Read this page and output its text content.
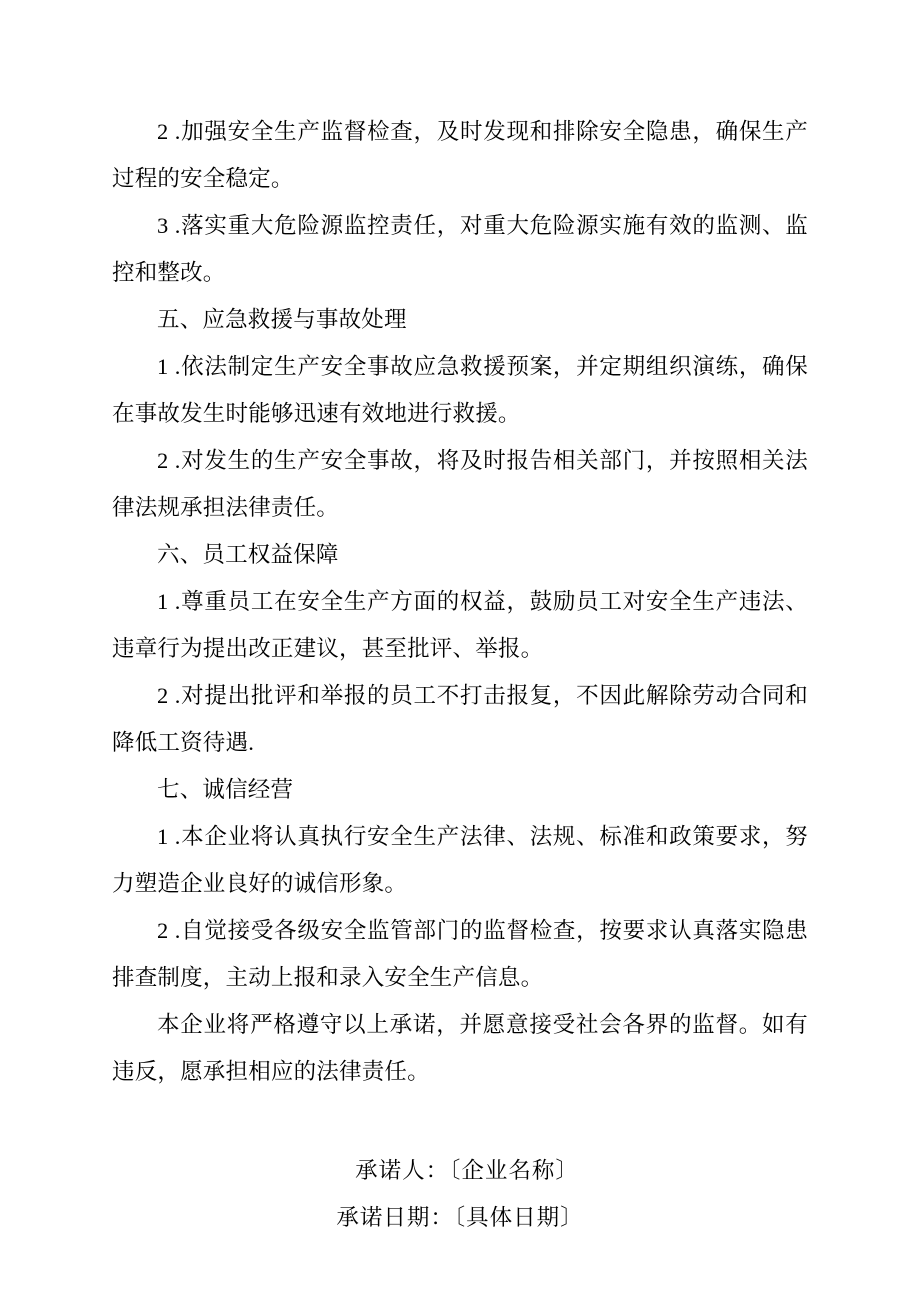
2 .加强安全生产监督检查，及时发现和排除安全隐患，确保生产过程的安全稳定。

3 .落实重大危险源监控责任，对重大危险源实施有效的监测、监控和整改。

五、应急救援与事故处理

1 .依法制定生产安全事故应急救援预案，并定期组织演练，确保在事故发生时能够迅速有效地进行救援。

2 .对发生的生产安全事故，将及时报告相关部门，并按照相关法律法规承担法律责任。

六、员工权益保障

1 .尊重员工在安全生产方面的权益，鼓励员工对安全生产违法、违章行为提出改正建议，甚至批评、举报。

2 .对提出批评和举报的员工不打击报复，不因此解除劳动合同和降低工资待遇.

七、诚信经营

1 .本企业将认真执行安全生产法律、法规、标准和政策要求，努力塑造企业良好的诚信形象。

2 .自觉接受各级安全监管部门的监督检查，按要求认真落实隐患排查制度，主动上报和录入安全生产信息。

本企业将严格遵守以上承诺，并愿意接受社会各界的监督。如有违反，愿承担相应的法律责任。

承诺人：〔企业名称〕

承诺日期：〔具体日期〕
